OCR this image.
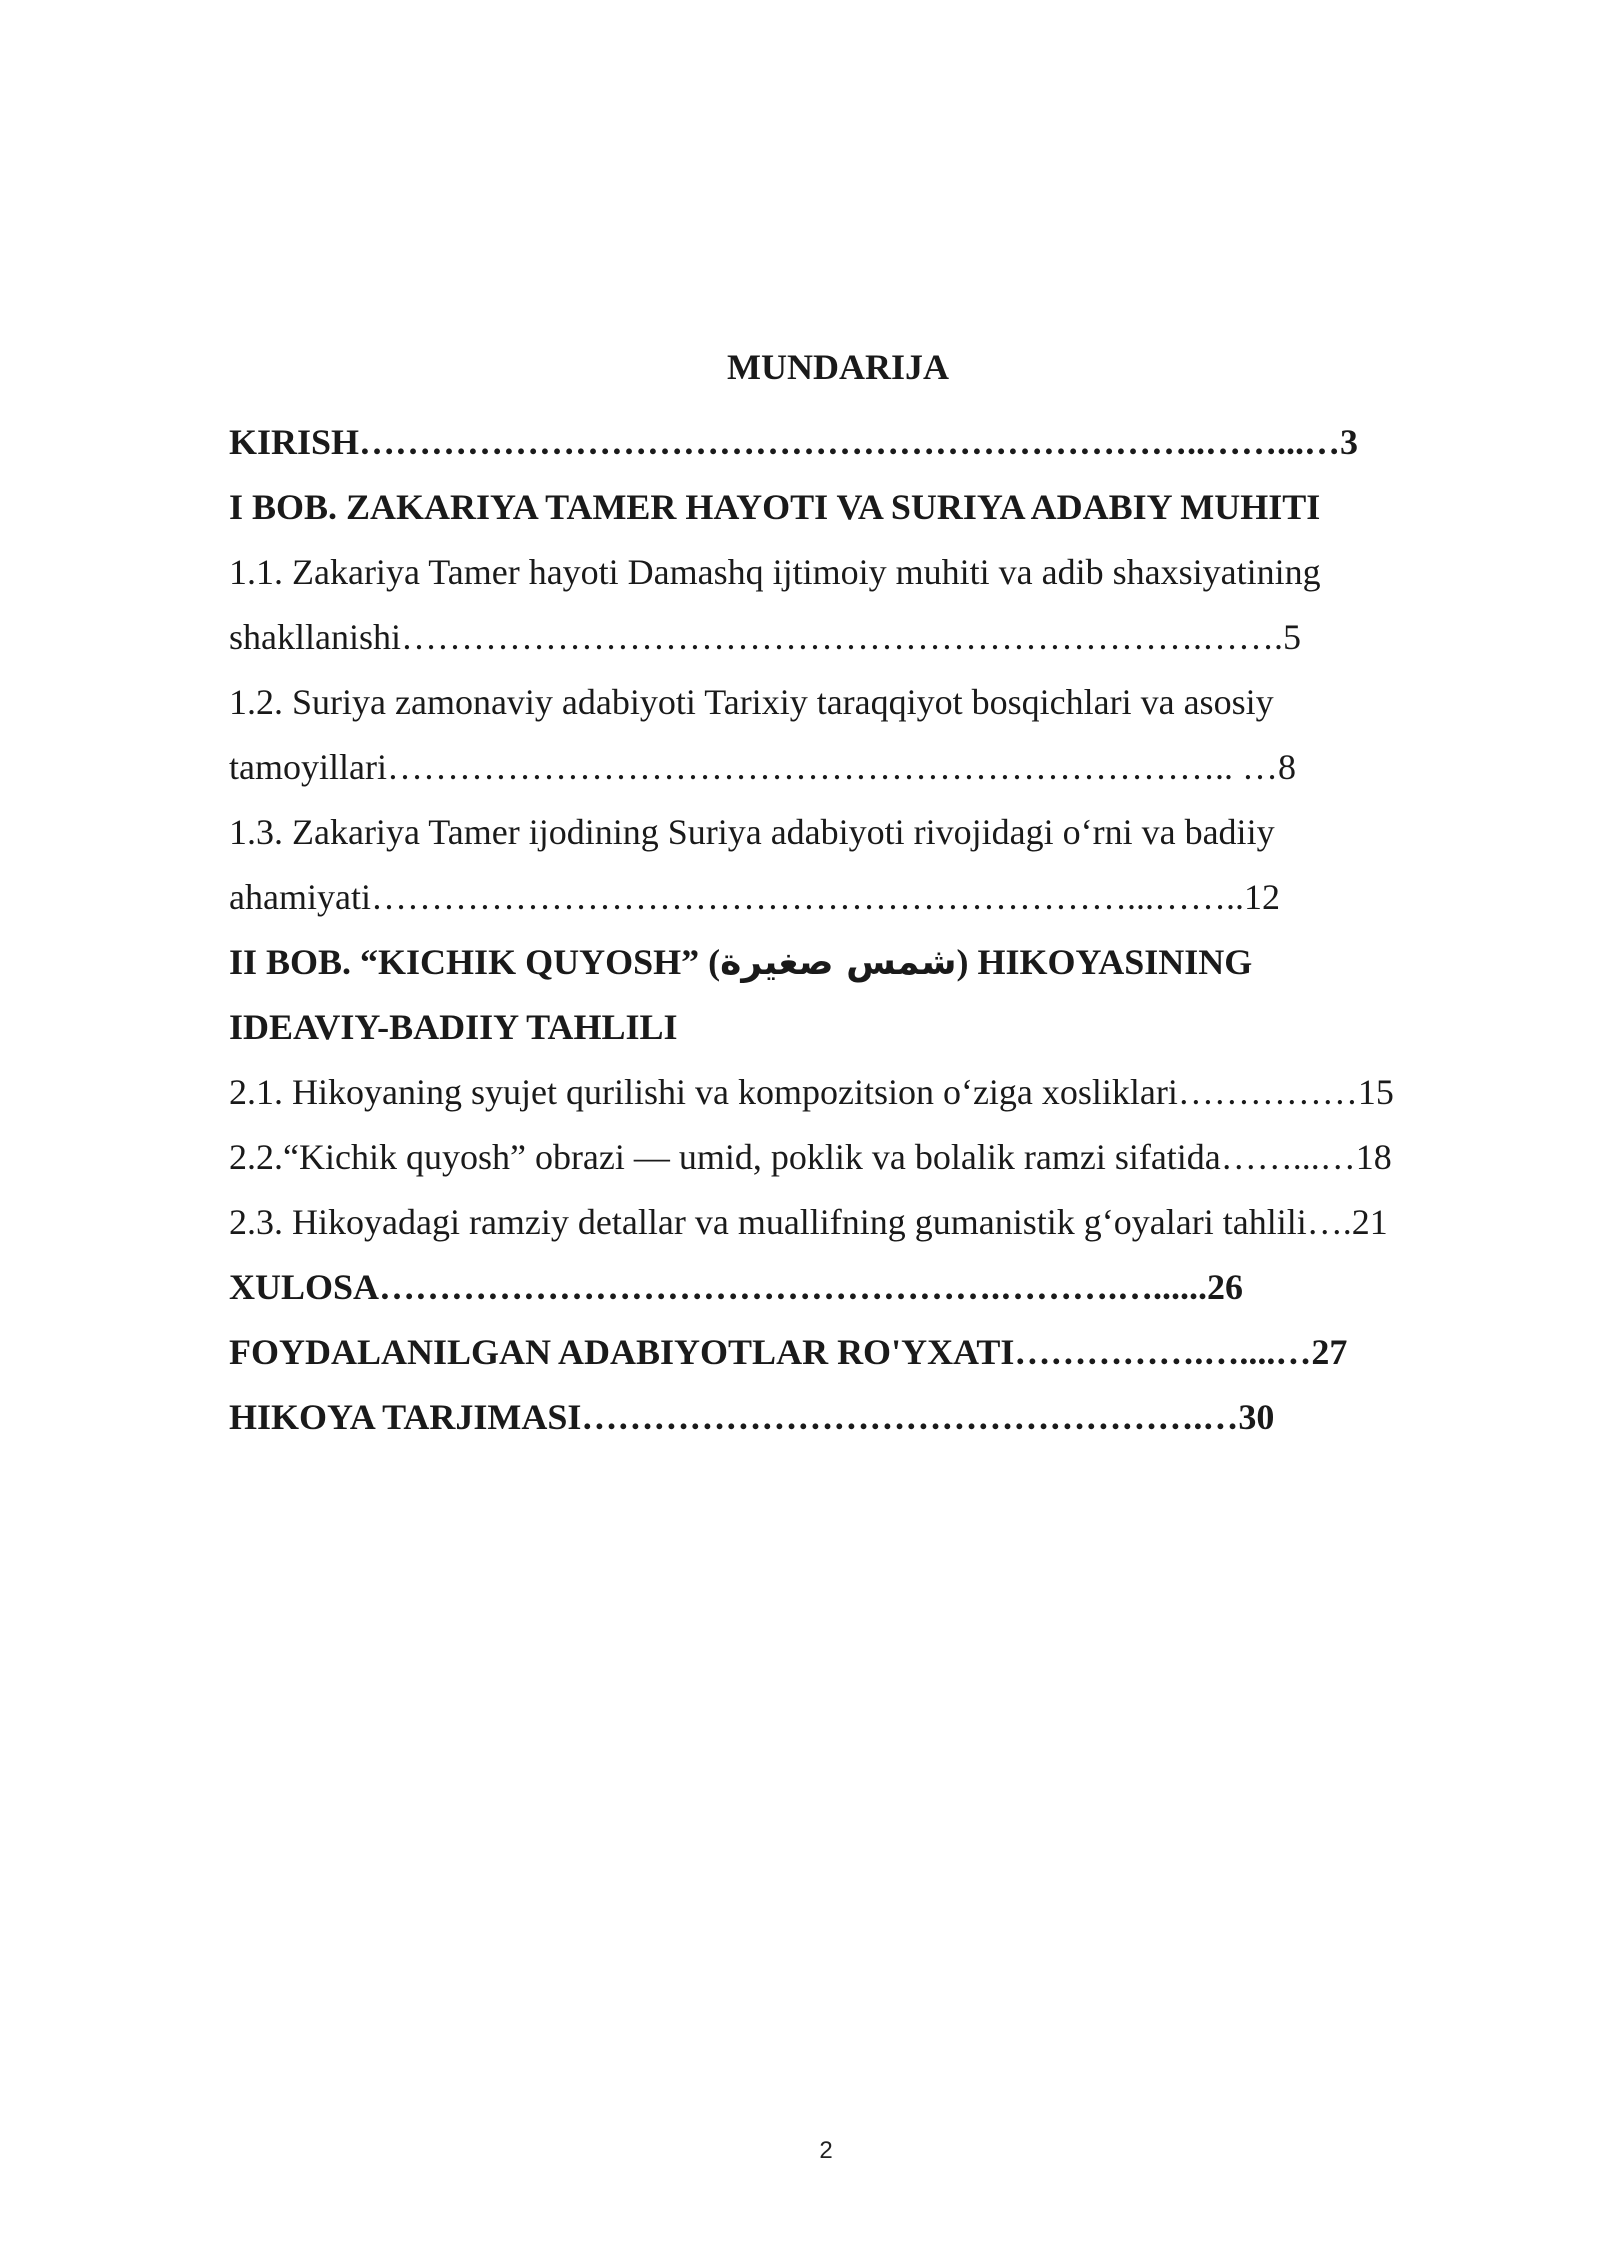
MUNDARIJA
KIRISH……………………………………………………………..……...…3
I BOB. ZAKARIYA TAMER HAYOTI VA SURIYA ADABIY MUHITI
1.1. Zakariya Tamer hayoti Damashq ijtimoiy muhiti va adib shaxsiyatining
shakllanishi………………………………………………………….…….5
1.2. Suriya zamonaviy adabiyoti Tarixiy taraqqiyot bosqichlari va asosiy
tamoyillari…………………………………………………………….. …8
1.3. Zakariya Tamer ijodining Suriya adabiyoti rivojidagi o‘rni va badiiy
ahamiyati………………………………………………………...……..12
II BOB. “KICHIK QUYOSH” (شمس صغيرة) HIKOYASINING
IDEAVIY-BADIIY TAHLILI
2.1. Hikoyaning syujet qurilishi va kompozitsion o‘ziga xosliklari……………15
2.2.“Kichik quyosh” obrazi — umid, poklik va bolalik ramzi sifatida……...…18
2.3. Hikoyadagi ramziy detallar va muallifning gumanistik g‘oyalari tahlili….21
XULOSA…………………………………………….……….…......26
FOYDALANILGAN ADABIYOTLAR RO'YXATI…………….…....…27
HIKOYA TARJIMASI…………………………………………….…30
2
